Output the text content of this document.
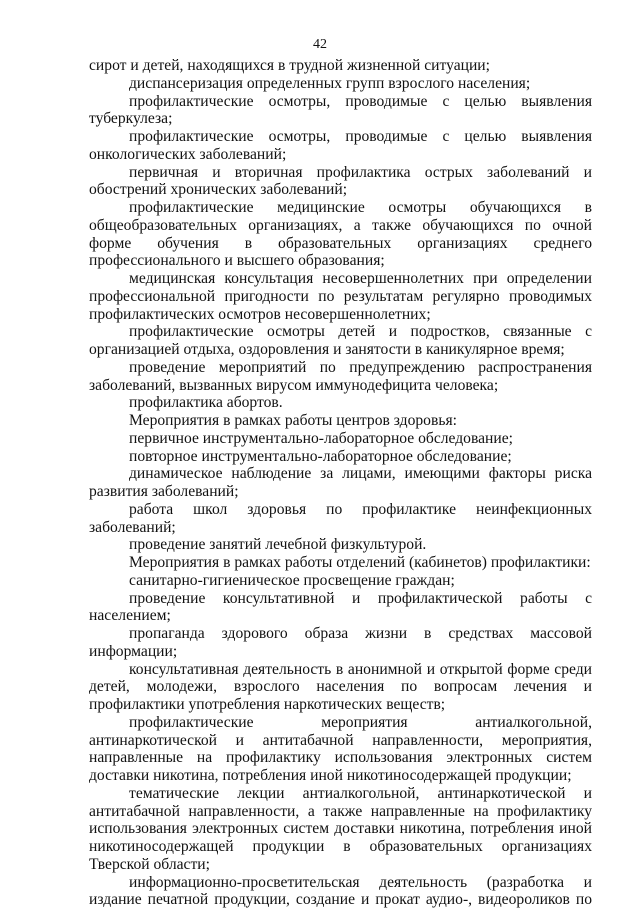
42

сирот и детей, находящихся в трудной жизненной ситуации;

диспансеризация определенных групп взрослого населения;

профилактические осмотры, проводимые с целью выявления туберкулеза;

профилактические осмотры, проводимые с целью выявления онкологических заболеваний;

первичная и вторичная профилактика острых заболеваний и обострений хронических заболеваний;

профилактические медицинские осмотры обучающихся в общеобразовательных организациях, а также обучающихся по очной форме обучения в образовательных организациях среднего профессионального и высшего образования;

медицинская консультация несовершеннолетних при определении профессиональной пригодности по результатам регулярно проводимых профилактических осмотров несовершеннолетних;

профилактические осмотры детей и подростков, связанные с организацией отдыха, оздоровления и занятости в каникулярное время;

проведение мероприятий по предупреждению распространения заболеваний, вызванных вирусом иммунодефицита человека;

профилактика абортов.

Мероприятия в рамках работы центров здоровья:

первичное инструментально-лабораторное обследование;

повторное инструментально-лабораторное обследование;

динамическое наблюдение за лицами, имеющими факторы риска развития заболеваний;

работа школ здоровья по профилактике неинфекционных заболеваний;

проведение занятий лечебной физкультурой.

Мероприятия в рамках работы отделений (кабинетов) профилактики:

санитарно-гигиеническое просвещение граждан;

проведение консультативной и профилактической работы с населением;

пропаганда здорового образа жизни в средствах массовой информации;

консультативная деятельность в анонимной и открытой форме среди детей, молодежи, взрослого населения по вопросам лечения и профилактики употребления наркотических веществ;

профилактические мероприятия антиалкогольной, антинаркотической и антитабачной направленности, мероприятия, направленные на профилактику использования электронных систем доставки никотина, потребления иной никотиносодержащей продукции;

тематические лекции антиалкогольной, антинаркотической и антитабачной направленности, а также направленные на профилактику использования электронных систем доставки никотина, потребления иной никотиносодержащей продукции в образовательных организациях Тверской области;

информационно-просветительская деятельность (разработка и издание печатной продукции, создание и прокат аудио-, видеороликов по
